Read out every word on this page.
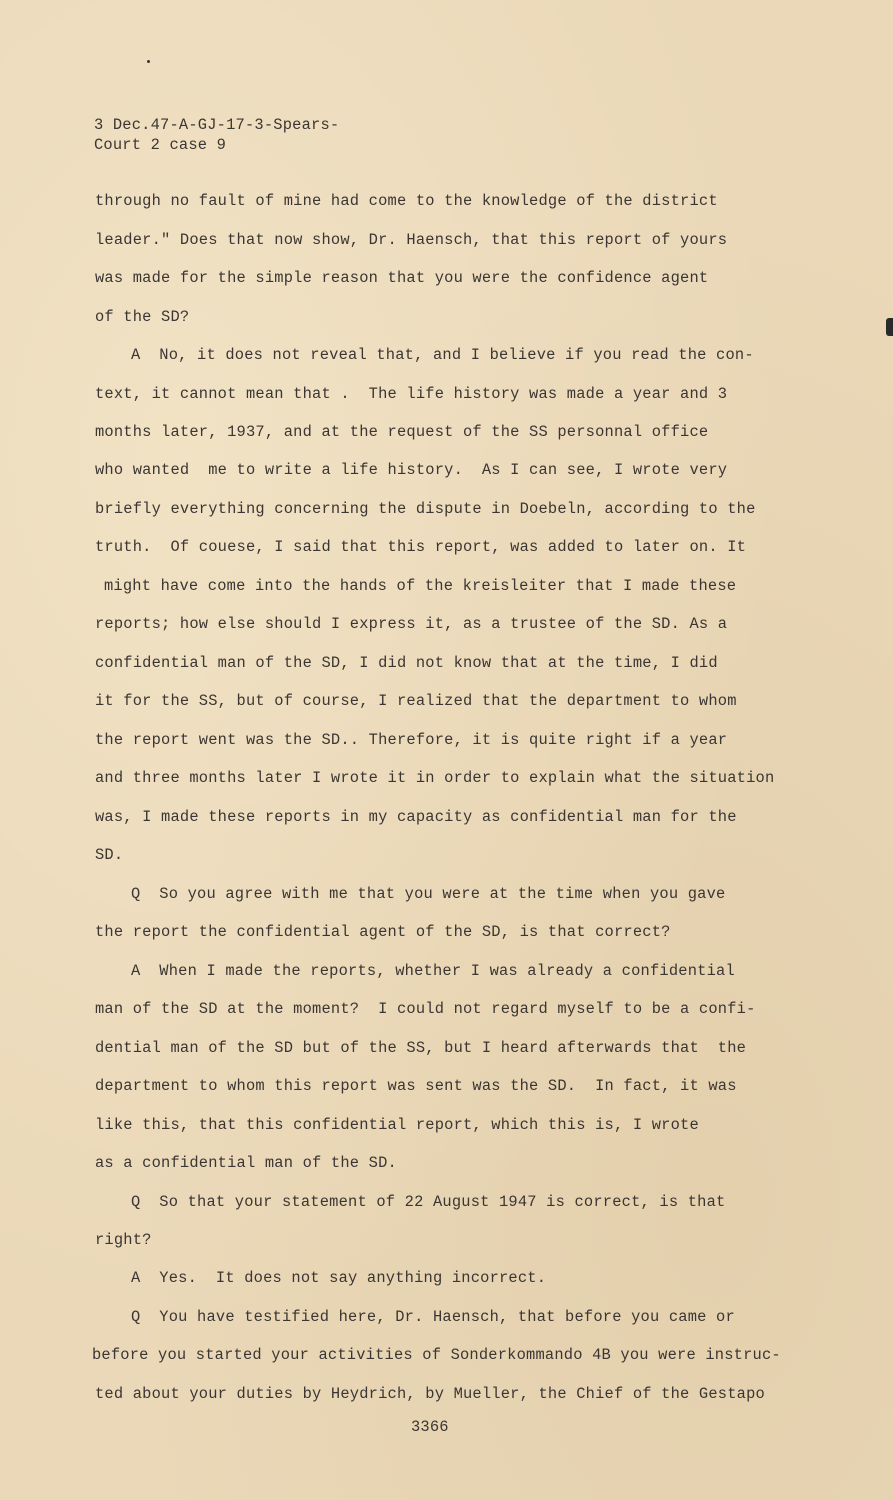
3 Dec.47-A-GJ-17-3-Spears-
Court 2 case 9
through no fault of mine had come to the knowledge of the district
leader." Does that now show, Dr. Haensch, that this report of yours
was made for the simple reason that you were the confidence agent
of the SD?
A  No, it does not reveal that, and I believe if you read the con-
text, it cannot mean that .  The life history was made a year and 3
months later, 1937, and at the request of the SS personnal office
who wanted  me to write a life history.  As I can see, I wrote very
briefly everything concerning the dispute in Doebeln, according to the
truth.  Of couese, I said that this report, was added to later on. It
might have come into the hands of the kreisleiter that I made these
reports; how else should I express it, as a trustee of the SD. As a
confidential man of the SD, I did not know that at the time, I did
it for the SS, but of course, I realized that the department to whom
the report went was the SD.. Therefore, it is quite right if a year
and three months later I wrote it in order to explain what the situation
was, I made these reports in my capacity as confidential man for the
SD.
Q  So you agree with me that you were at the time when you gave
the report the confidential agent of the SD, is that correct?
A  When I made the reports, whether I was already a confidential
man of the SD at the moment?  I could not regard myself to be a confi-
dential man of the SD but of the SS, but I heard afterwards that  the
department to whom this report was sent was the SD.  In fact, it was
like this, that this confidential report, which this is, I wrote
as a confidential man of the SD.
Q  So that your statement of 22 August 1947 is correct, is that
right?
A  Yes.  It does not say anything incorrect.
Q  You have testified here, Dr. Haensch, that before you came or
before you started your activities of Sonderkommando 4B you were instruc-
ted about your duties by Heydrich, by Mueller, the Chief of the Gestapo
3366
